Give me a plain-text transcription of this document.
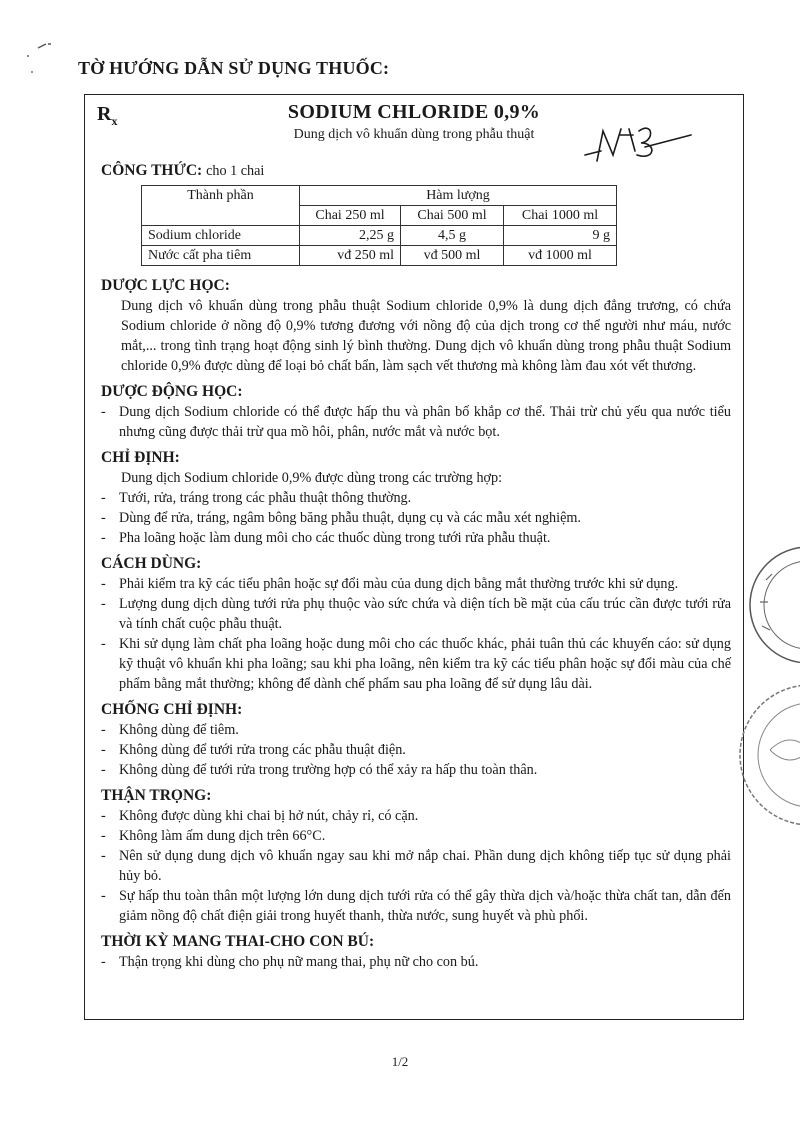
TỜ HƯỚNG DẪN SỬ DỤNG THUỐC:
$R_x$	SODIUM CHLORIDE 0,9%
Dung dịch vô khuẩn dùng trong phẫu thuật
CÔNG THỨC: cho 1 chai
Thành phần	Hàm lượng		
	Chai 250 ml	Chai 500 ml	Chai 1000 ml
Sodium chloride	2,25 g	4,5 g	9 g
Nước cất pha tiêm	vđ 250 ml	vđ 500 ml	vđ 1000 ml
DƯỢC LỰC HỌC:

Dung dịch vô khuẩn dùng trong phẫu thuật Sodium chloride 0,9% là dung dịch đẳng trương, có chứa Sodium chloride ở nồng độ 0,9% tương đương với nồng độ của dịch trong cơ thể người như máu, nước mắt,... trong tình trạng hoạt động sinh lý bình thường. Dung dịch vô khuẩn dùng trong phẫu thuật Sodium chloride 0,9% được dùng để loại bỏ chất bẩn, làm sạch vết thương mà không làm đau xót vết thương.

DƯỢC ĐỘNG HỌC:
- Dung dịch Sodium chloride có thể được hấp thu và phân bố khắp cơ thể. Thải trừ chủ yếu qua nước tiểu nhưng cũng được thải trừ qua mồ hôi, phân, nước mắt và nước bọt.
CHỈ ĐỊNH:

Dung dịch Sodium chloride 0,9% được dùng trong các trường hợp:

- Tưới, rửa, tráng trong các phẫu thuật thông thường.
- Dùng để rửa, tráng, ngâm bông băng phẫu thuật, dụng cụ và các mẫu xét nghiệm.
- Pha loãng hoặc làm dung môi cho các thuốc dùng trong tưới rửa phẫu thuật.
CÁCH DÙNG:
- Phải kiểm tra kỹ các tiểu phân hoặc sự đổi màu của dung dịch bằng mắt thường trước khi sử dụng.
- Lượng dung dịch dùng tưới rửa phụ thuộc vào sức chứa và diện tích bề mặt của cấu trúc cần được tưới rửa và tính chất cuộc phẫu thuật.
- Khi sử dụng làm chất pha loãng hoặc dung môi cho các thuốc khác, phải tuân thủ các khuyến cáo: sử dụng kỹ thuật vô khuẩn khi pha loãng; sau khi pha loãng, nên kiểm tra kỹ các tiểu phân hoặc sự đổi màu của chế phẩm bằng mắt thường; không để dành chế phẩm sau pha loãng để sử dụng lâu dài.
CHỐNG CHỈ ĐỊNH:
- Không dùng để tiêm.
- Không dùng để tưới rửa trong các phẫu thuật điện.
- Không dùng để tưới rửa trong trường hợp có thể xảy ra hấp thu toàn thân.
THẬN TRỌNG:
- Không được dùng khi chai bị hở nút, chảy rỉ, có cặn.
- Không làm ấm dung dịch trên 66°C.
- Nên sử dụng dung dịch vô khuẩn ngay sau khi mở nắp chai. Phần dung dịch không tiếp tục sử dụng phải hủy bỏ.
- Sự hấp thu toàn thân một lượng lớn dung dịch tưới rửa có thể gây thừa dịch và/hoặc thừa chất tan, dẫn đến giảm nồng độ chất điện giải trong huyết thanh, thừa nước, sung huyết và phù phổi.
THỜI KỲ MANG THAI-CHO CON BÚ:
- Thận trọng khi dùng cho phụ nữ mang thai, phụ nữ cho con bú.
1/2
